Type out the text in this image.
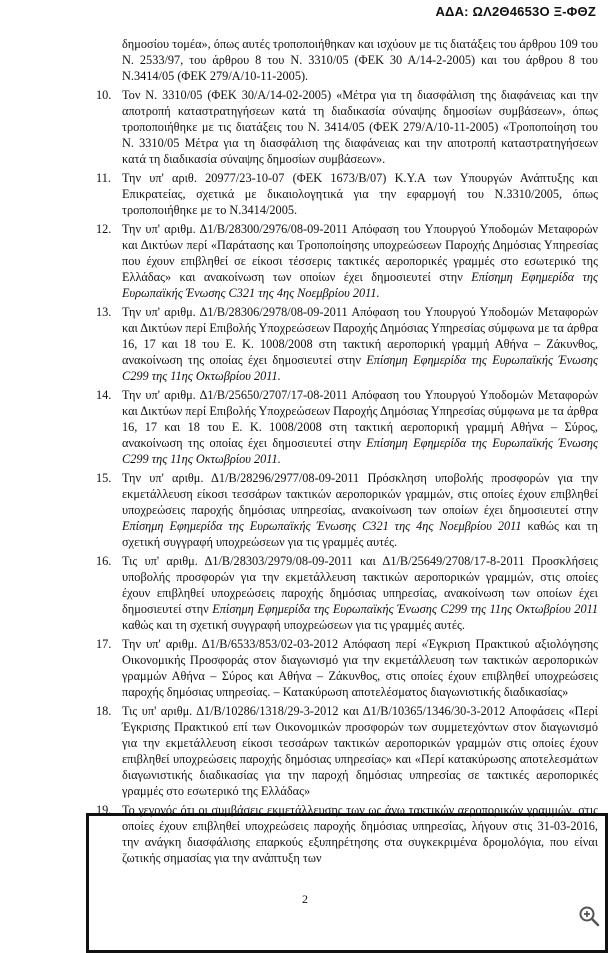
ΑΔΑ: ΩΛ2Θ4653Ο Ξ-ΦΘΖ
δημοσίου τομέα», όπως αυτές τροποποιήθηκαν και ισχύουν με τις διατάξεις του άρθρου 109 του Ν. 2533/97, του άρθρου 8 του Ν. 3310/05 (ΦΕΚ 30 Α/14-2-2005) και του άρθρου 8 του Ν.3414/05 (ΦΕΚ 279/Α/10-11-2005).
10. Τον Ν. 3310/05 (ΦΕΚ 30/Α/14-02-2005) «Μέτρα για τη διασφάλιση της διαφάνειας και την αποτροπή καταστρατηγήσεων κατά τη διαδικασία σύναψης δημοσίων συμβάσεων», όπως τροποποιήθηκε με τις διατάξεις του Ν. 3414/05 (ΦΕΚ 279/Α/10-11-2005) «Τροποποίηση του Ν. 3310/05 Μέτρα για τη διασφάλιση της διαφάνειας και την αποτροπή καταστρατηγήσεων κατά τη διαδικασία σύναψης δημοσίων συμβάσεων».
11. Την υπ' αριθ. 20977/23-10-07 (ΦΕΚ 1673/Β/07) Κ.Υ.Α των Υπουργών Ανάπτυξης και Επικρατείας, σχετικά με δικαιολογητικά για την εφαρμογή του Ν.3310/2005, όπως τροποποιήθηκε με το Ν.3414/2005.
12. Την υπ' αριθμ. Δ1/Β/28300/2976/08-09-2011 Απόφαση του Υπουργού Υποδομών Μεταφορών και Δικτύων περί «Παράτασης και Τροποποίησης υποχρεώσεων Παροχής Δημόσιας Υπηρεσίας που έχουν επιβληθεί σε είκοσι τέσσερις τακτικές αεροπορικές γραμμές στο εσωτερικό της Ελλάδας» και ανακοίνωση των οποίων έχει δημοσιευτεί στην Επίσημη Εφημερίδα της Ευρωπαϊκής Ένωσης C321 της 4ης Νοεμβρίου 2011.
13. Την υπ' αριθμ. Δ1/Β/28306/2978/08-09-2011 Απόφαση του Υπουργού Υποδομών Μεταφορών και Δικτύων περί Επιβολής Υποχρεώσεων Παροχής Δημόσιας Υπηρεσίας σύμφωνα με τα άρθρα 16, 17 και 18 του Ε. Κ. 1008/2008 στη τακτική αεροπορική γραμμή Αθήνα – Ζάκυνθος, ανακοίνωση της οποίας έχει δημοσιευτεί στην Επίσημη Εφημερίδα της Ευρωπαϊκής Ένωσης C299 της 11ης Οκτωβρίου 2011.
14. Την υπ' αριθμ. Δ1/Β/25650/2707/17-08-2011 Απόφαση του Υπουργού Υποδομών Μεταφορών και Δικτύων περί Επιβολής Υποχρεώσεων Παροχής Δημόσιας Υπηρεσίας σύμφωνα με τα άρθρα 16, 17 και 18 του Ε. Κ. 1008/2008 στη τακτική αεροπορική γραμμή Αθήνα – Σύρος, ανακοίνωση της οποίας έχει δημοσιευτεί στην Επίσημη Εφημερίδα της Ευρωπαϊκής Ένωσης C299 της 11ης Οκτωβρίου 2011.
15. Την υπ' αριθμ. Δ1/Β/28296/2977/08-09-2011 Πρόσκληση υποβολής προσφορών για την εκμετάλλευση είκοσι τεσσάρων τακτικών αεροπορικών γραμμών, στις οποίες έχουν επιβληθεί υποχρεώσεις παροχής δημόσιας υπηρεσίας, ανακοίνωση των οποίων έχει δημοσιευτεί στην Επίσημη Εφημερίδα της Ευρωπαϊκής Ένωσης C321 της 4ης Νοεμβρίου 2011 καθώς και τη σχετική συγγραφή υποχρεώσεων για τις γραμμές αυτές.
16. Τις υπ' αριθμ. Δ1/Β/28303/2979/08-09-2011 και Δ1/Β/25649/2708/17-8-2011 Προσκλήσεις υποβολής προσφορών για την εκμετάλλευση τακτικών αεροπορικών γραμμών, στις οποίες έχουν επιβληθεί υποχρεώσεις παροχής δημόσιας υπηρεσίας, ανακοίνωση των οποίων έχει δημοσιευτεί στην Επίσημη Εφημερίδα της Ευρωπαϊκής Ένωσης C299 της 11ης Οκτωβρίου 2011 καθώς και τη σχετική συγγραφή υποχρεώσεων για τις γραμμές αυτές.
17. Την υπ' αριθμ. Δ1/Β/6533/853/02-03-2012 Απόφαση περί «Έγκριση Πρακτικού αξιολόγησης Οικονομικής Προσφοράς στον διαγωνισμό για την εκμετάλλευση των τακτικών αεροπορικών γραμμών Αθήνα – Σύρος και Αθήνα – Ζάκυνθος, στις οποίες έχουν επιβληθεί υποχρεώσεις παροχής δημόσιας υπηρεσίας. – Κατακύρωση αποτελέσματος διαγωνιστικής διαδικασίας»
18. Τις υπ' αριθμ. Δ1/Β/10286/1318/29-3-2012 και Δ1/Β/10365/1346/30-3-2012 Αποφάσεις «Περί Έγκρισης Πρακτικού επί των Οικονομικών προσφορών των συμμετεχόντων στον διαγωνισμό για την εκμετάλλευση είκοσι τεσσάρων τακτικών αεροπορικών γραμμών στις οποίες έχουν επιβληθεί υποχρεώσεις παροχής δημόσιας υπηρεσίας» και «Περί κατακύρωσης αποτελεσμάτων διαγωνιστικής διαδικασίας για την παροχή δημόσιας υπηρεσίας σε τακτικές αεροπορικές γραμμές στο εσωτερικό της Ελλάδας»
19. Το γεγονός ότι οι συμβάσεις εκμετάλλευσης των ως άνω τακτικών αεροπορικών γραμμών, στις οποίες έχουν επιβληθεί υποχρεώσεις παροχής δημόσιας υπηρεσίας, λήγουν στις 31-03-2016, την ανάγκη διασφάλισης επαρκούς εξυπηρέτησης στα συγκεκριμένα δρομολόγια, που είναι ζωτικής σημασίας για την ανάπτυξη των
2
